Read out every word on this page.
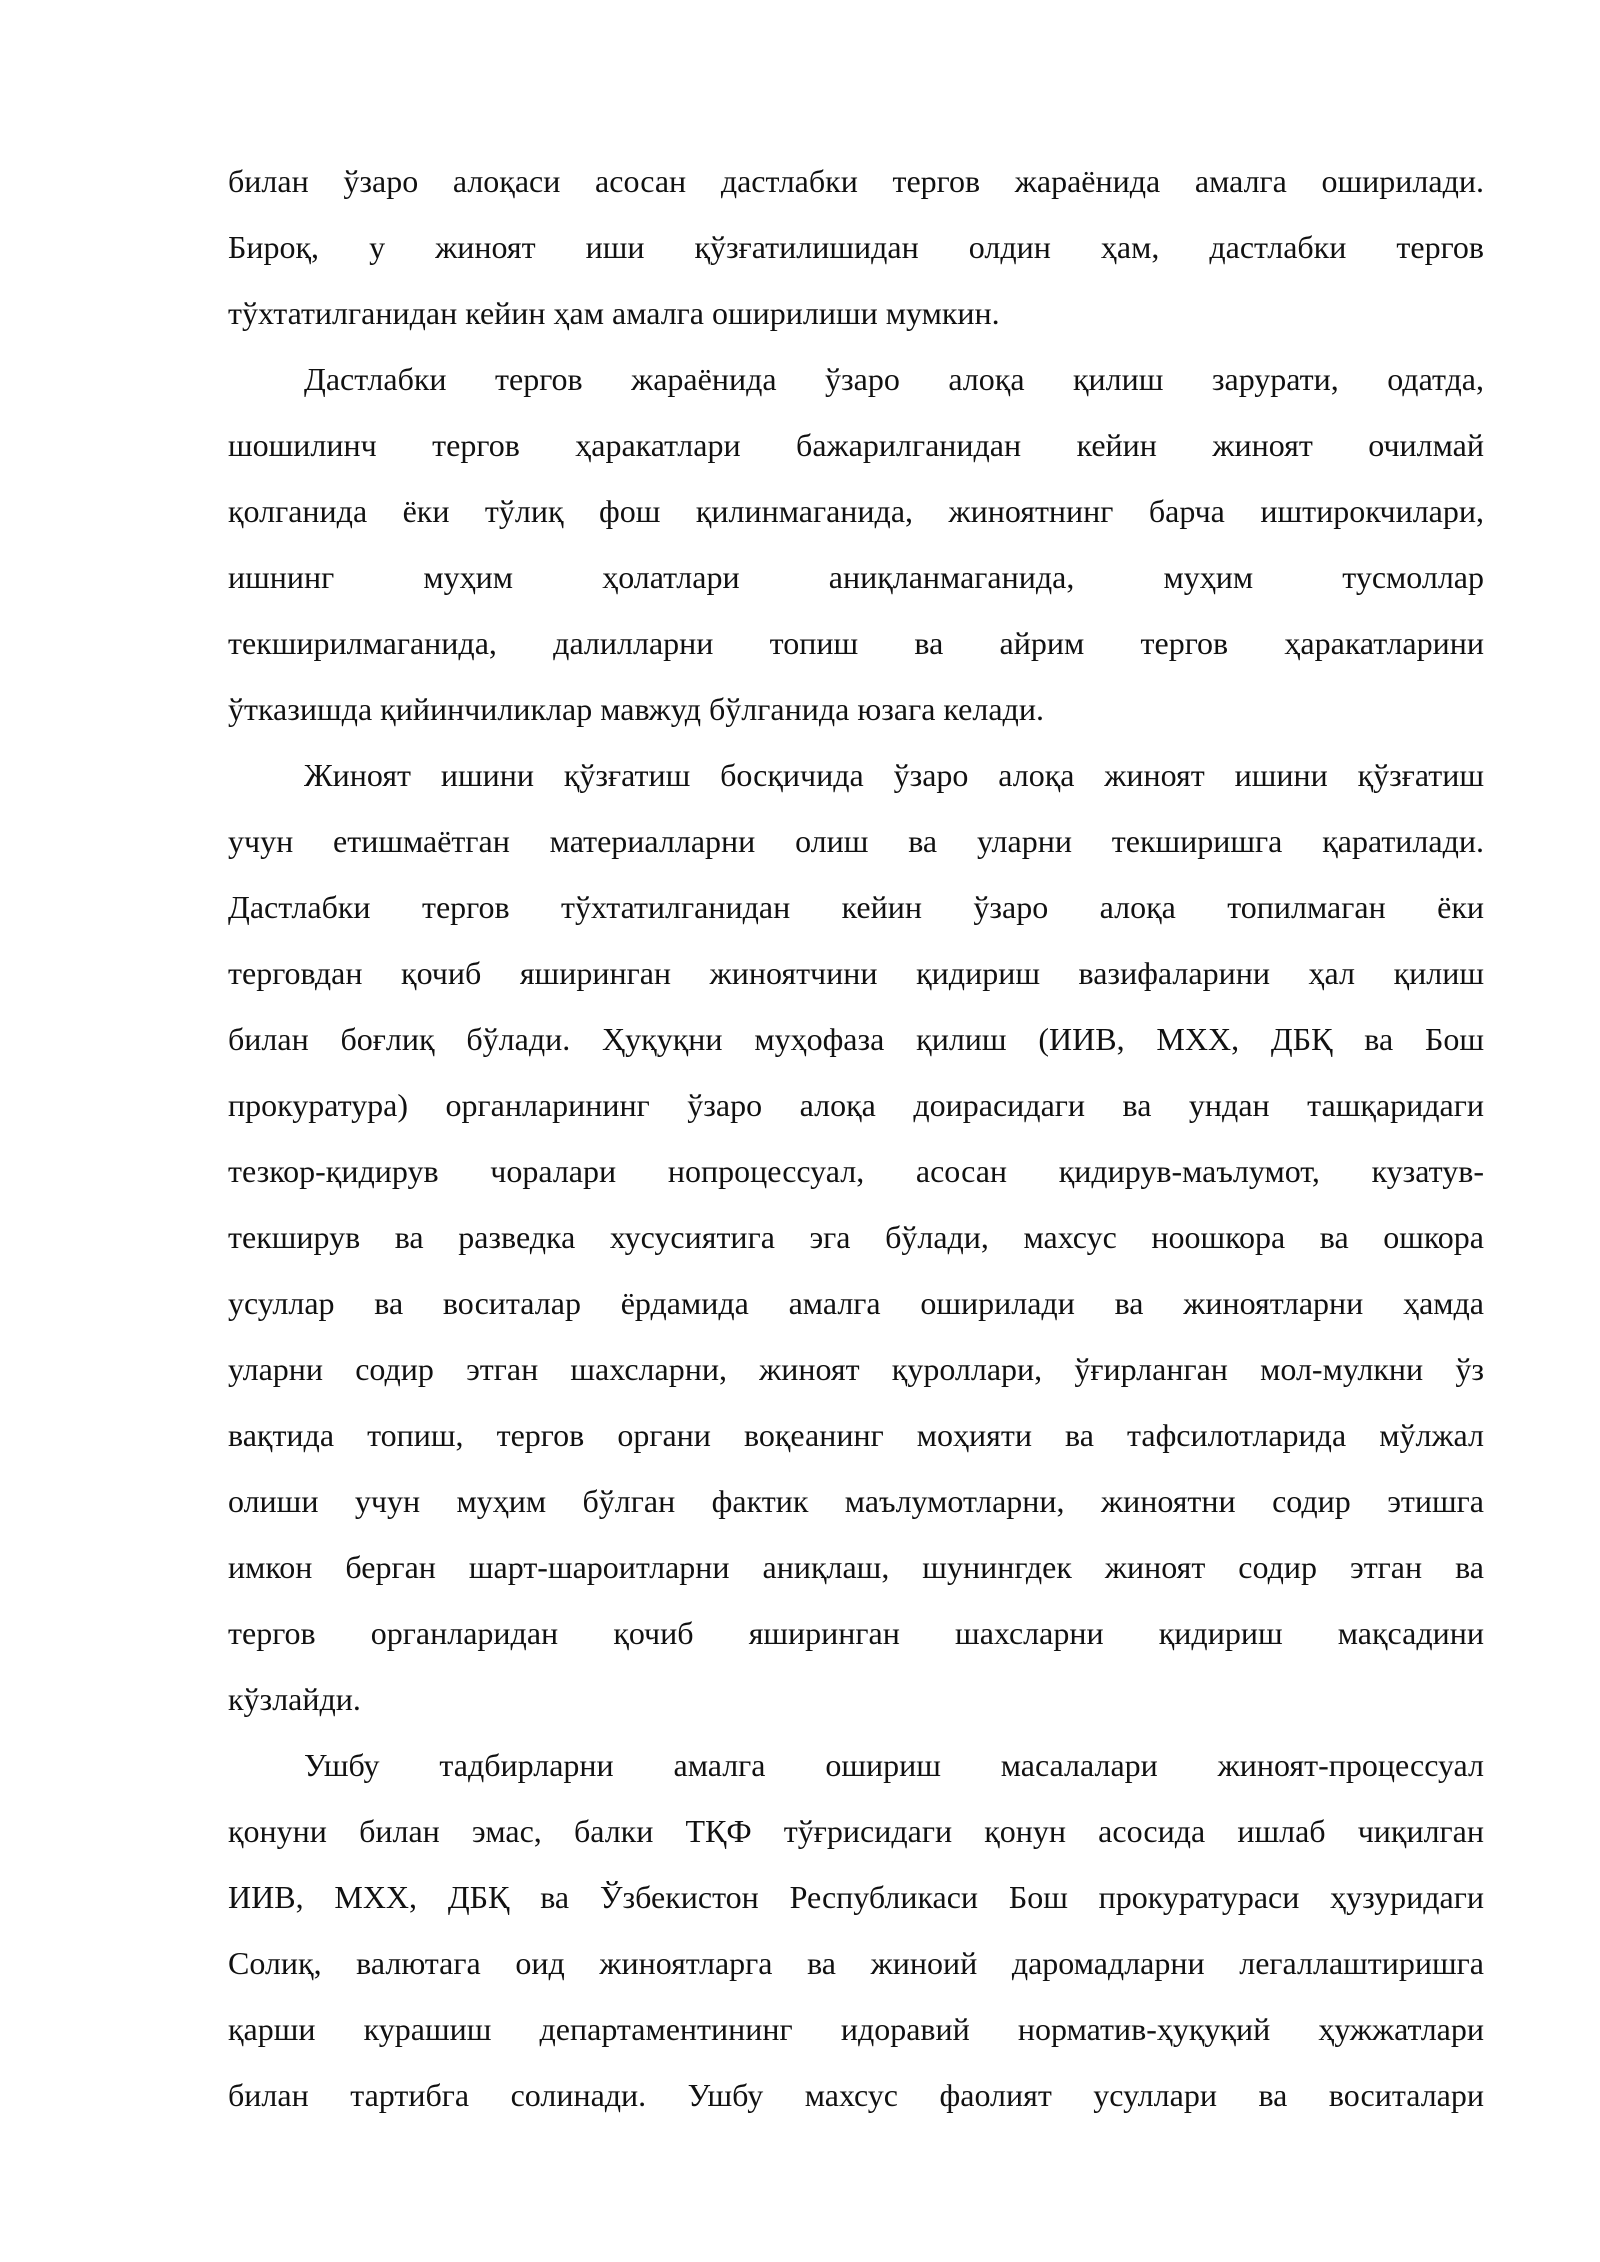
билан ўзаро алоқаси асосан дастлабки тергов жараёнида амалга оширилади.
Бироқ, у жиноят иши қўзғатилишидан олдин ҳам, дастлабки тергов
тўхтатилганидан кейин ҳам амалга оширилиши мумкин.
Дастлабки тергов жараёнида ўзаро алоқа қилиш зарурати, одатда,
шошилинч тергов ҳаракатлари бажарилганидан кейин жиноят очилмай
қолганида ёки тўлиқ фош қилинмаганида, жиноятнинг барча иштирокчилари,
ишнинг муҳим ҳолатлари аниқланмаганида, муҳим тусмоллар
текширилмаганида, далилларни топиш ва айрим тергов ҳаракатларини
ўтказишда қийинчиликлар мавжуд бўлганида юзага келади.
Жиноят ишини қўзғатиш босқичида ўзаро алоқа жиноят ишини қўзғатиш
учун етишмаётган материалларни олиш ва уларни текширишга қаратилади.
Дастлабки тергов тўхтатилганидан кейин ўзаро алоқа топилмаган ёки
терговдан қочиб яширинган жиноятчини қидириш вазифаларини ҳал қилиш
билан боғлиқ бўлади. Ҳуқуқни муҳофаза қилиш (ИИВ, МХХ, ДБҚ ва Бош
прокуратура) органларининг ўзаро алоқа доирасидаги ва ундан ташқаридаги
тезкор-қидирув чоралари нопроцессуал, асосан қидирув-маълумот, кузатув-
текширув ва разведка хусусиятига эга бўлади, махсус ноошкора ва ошкора
усуллар ва воситалар ёрдамида амалга оширилади ва жиноятларни ҳамда
уларни содир этган шахсларни, жиноят қуроллари, ўғирланган мол-мулкни ўз
вақтида топиш, тергов органи воқеанинг моҳияти ва тафсилотларида мўлжал
олиши учун муҳим бўлган фактик маълумотларни, жиноятни содир этишга
имкон берган шарт-шароитларни аниқлаш, шунингдек жиноят содир этган ва
тергов органларидан қочиб яширинган шахсларни қидириш мақсадини
кўзлайди.
Ушбу тадбирларни амалга ошириш масалалари жиноят-процессуал
қонуни билан эмас, балки ТҚФ тўғрисидаги қонун асосида ишлаб чиқилган
ИИВ, МХХ, ДБҚ ва Ўзбекистон Республикаси Бош прокуратураси ҳузуридаги
Солиқ, валютага оид жиноятларга ва жиноий даромадларни легаллаштиришга
қарши курашиш департаментининг идоравий норматив-ҳуқуқий ҳужжатлари
билан тартибга солинади. Ушбу махсус фаолият усуллари ва воситалари
